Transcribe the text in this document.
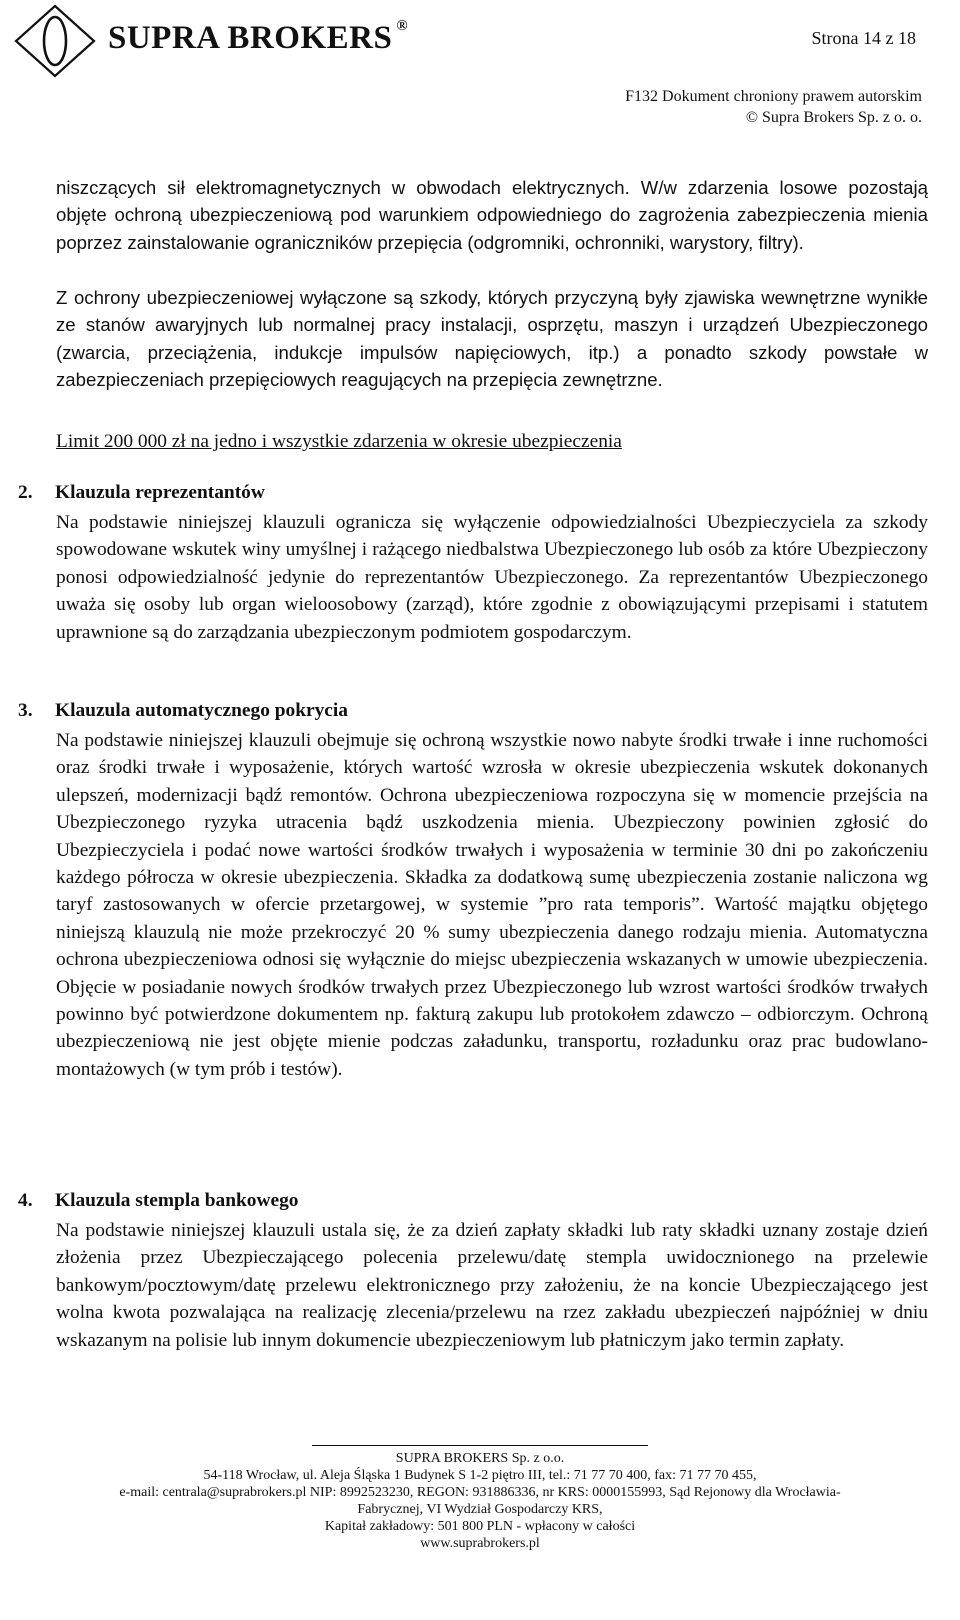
SUPRA BROKERS ®
Strona 14 z 18
F132 Dokument chroniony prawem autorskim
© Supra Brokers Sp. z o. o.
niszczących sił elektromagnetycznych w obwodach elektrycznych. W/w zdarzenia losowe pozostają objęte ochroną ubezpieczeniową pod warunkiem odpowiedniego do zagrożenia zabezpieczenia mienia poprzez zainstalowanie ograniczników przepięcia (odgromniki, ochronniki, warystory, filtry).
Z ochrony ubezpieczeniowej wyłączone są szkody, których przyczyną były zjawiska wewnętrzne wynikłe ze stanów awaryjnych lub normalnej pracy instalacji, osprzętu, maszyn i urządzeń Ubezpieczonego (zwarcia, przeciążenia, indukcje impulsów napięciowych, itp.) a ponadto szkody powstałe w zabezpieczeniach przepięciowych reagujących na przepięcia zewnętrzne.
Limit 200 000 zł na jedno i wszystkie zdarzenia w okresie ubezpieczenia
2. Klauzula reprezentantów
Na podstawie niniejszej klauzuli ogranicza się wyłączenie odpowiedzialności Ubezpieczyciela za szkody spowodowane wskutek winy umyślnej i rażącego niedbalstwa Ubezpieczonego lub osób za które Ubezpieczony ponosi odpowiedzialność jedynie do reprezentantów Ubezpieczonego. Za reprezentantów Ubezpieczonego uważa się osoby lub organ wieloosobowy (zarząd), które zgodnie z obowiązującymi przepisami i statutem uprawnione są do zarządzania ubezpieczonym podmiotem gospodarczym.
3. Klauzula automatycznego pokrycia
Na podstawie niniejszej klauzuli obejmuje się ochroną wszystkie nowo nabyte środki trwałe i inne ruchomości oraz środki trwałe i wyposażenie, których wartość wzrosła w okresie ubezpieczenia wskutek dokonanych ulepszeń, modernizacji bądź remontów. Ochrona ubezpieczeniowa rozpoczyna się w momencie przejścia na Ubezpieczonego ryzyka utracenia bądź uszkodzenia mienia. Ubezpieczony powinien zgłosić do Ubezpieczyciela i podać nowe wartości środków trwałych i wyposażenia w terminie 30 dni po zakończeniu każdego półrocza w okresie ubezpieczenia. Składka za dodatkową sumę ubezpieczenia zostanie naliczona wg taryf zastosowanych w ofercie przetargowej, w systemie ”pro rata temporis”. Wartość majątku objętego niniejszą klauzulą nie może przekroczyć 20 % sumy ubezpieczenia danego rodzaju mienia. Automatyczna ochrona ubezpieczeniowa odnosi się wyłącznie do miejsc ubezpieczenia wskazanych w umowie ubezpieczenia. Objęcie w posiadanie nowych środków trwałych przez Ubezpieczonego lub wzrost wartości środków trwałych powinno być potwierdzone dokumentem np. fakturą zakupu lub protokołem zdawczo – odbiorczym. Ochroną ubezpieczeniową nie jest objęte mienie podczas załadunku, transportu, rozładunku oraz prac budowlano-montażowych (w tym prób i testów).
4. Klauzula stempla bankowego
Na podstawie niniejszej klauzuli ustala się, że za dzień zapłaty składki lub raty składki uznany zostaje dzień złożenia przez Ubezpieczającego polecenia przelewu/datę stempla uwidocznionego na przelewie bankowym/pocztowym/datę przelewu elektronicznego przy założeniu, że na koncie Ubezpieczającego jest wolna kwota pozwalająca na realizację zlecenia/przelewu na rzez zakładu ubezpieczeń najpóźniej w dniu wskazanym na polisie lub innym dokumencie ubezpieczeniowym lub płatniczym jako termin zapłaty.
SUPRA BROKERS Sp. z o.o.
54-118 Wrocław, ul. Aleja Śląska 1 Budynek S 1-2 piętro III, tel.: 71 77 70 400, fax: 71 77 70 455,
e-mail: centrala@suprabrokers.pl NIP: 8992523230, REGON: 931886336, nr KRS: 0000155993, Sąd Rejonowy dla Wrocławia-
Fabrycznej, VI Wydział Gospodarczy KRS,
Kapitał zakładowy: 501 800 PLN - wpłacony w całości
www.suprabrokers.pl
